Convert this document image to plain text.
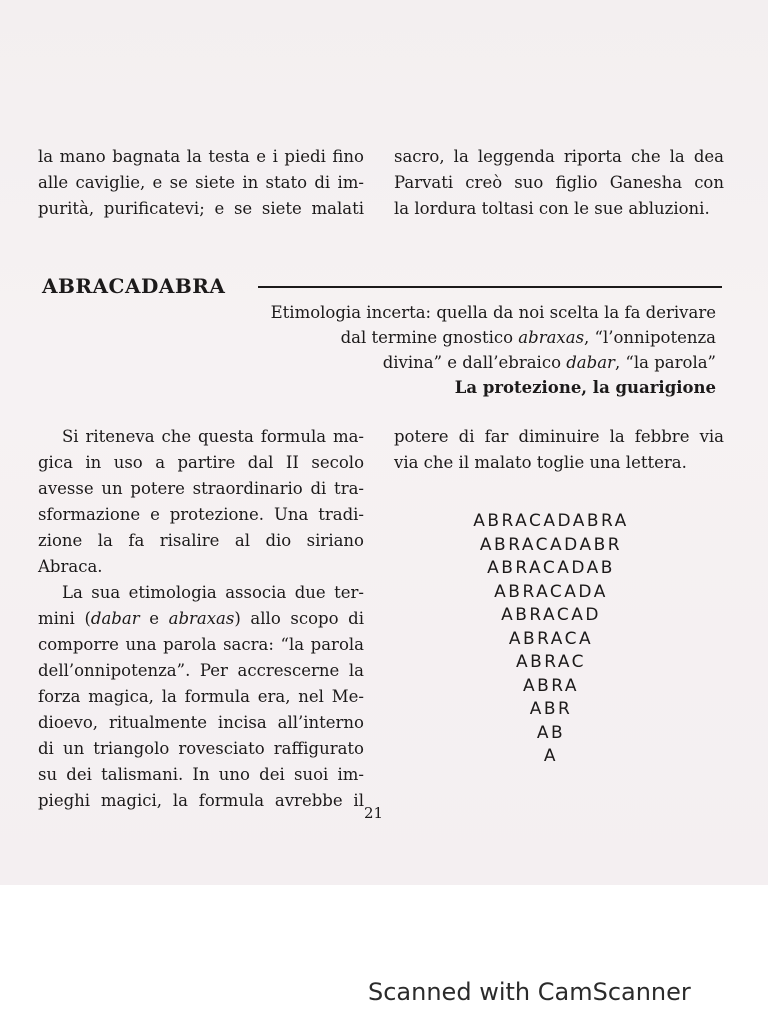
la mano bagnata la testa e i piedi fino
alle caviglie, e se siete in stato di im-
purità, purificatevi; e se siete malati
sacro, la leggenda riporta che la dea
Parvati creò suo figlio Ganesha con
la lordura toltasi con le sue abluzioni.
ABRACADABRA
Etimologia incerta: quella da noi scelta la fa derivare
dal termine gnostico abraxas, “l’onnipotenza
divina” e dall’ebraico dabar, “la parola”
La protezione, la guarigione
Si riteneva che questa formula ma-
gica in uso a partire dal II secolo
avesse un potere straordinario di tra-
sformazione e protezione. Una tradi-
zione la fa risalire al dio siriano
Abraca.
La sua etimologia associa due ter-
mini (dabar e abraxas) allo scopo di
comporre una parola sacra: “la parola
dell’onnipotenza”. Per accrescerne la
forza magica, la formula era, nel Me-
dioevo, ritualmente incisa all’interno
di un triangolo rovesciato raffigurato
su dei talismani. In uno dei suoi im-
pieghi magici, la formula avrebbe il
potere di far diminuire la febbre via
via che il malato toglie una lettera.
ABRACADABRA
ABRACADABR
ABRACADAB
ABRACADA
ABRACAD
ABRACA
ABRAC
ABRA
ABR
AB
A
21
Scanned with CamScanner
